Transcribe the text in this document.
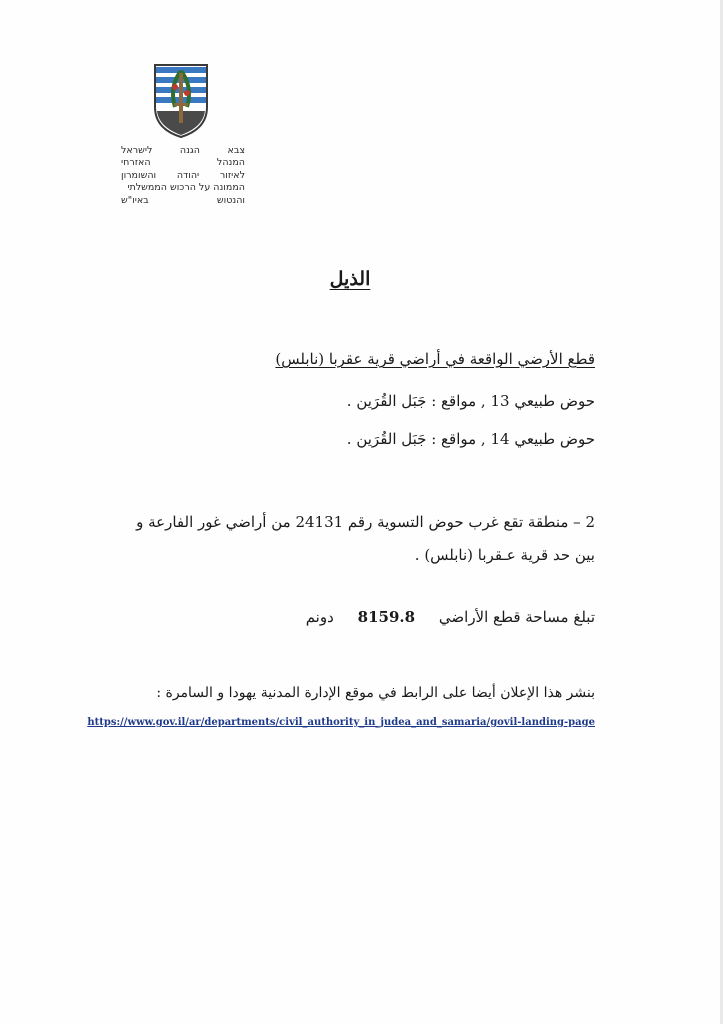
צבא
הגנה
לישראל
המנהל
האזרחי
לאיזור
יהודה
והשומרון
הממונה על הרכוש הממשלתי
והנטוש
באיו"ש
الذيل
قطع الأرضي الواقعة في أراضي قرية عقربا (نابلس)
حوض طبيعي 13 , مواقع : جَبَل القُرَين .
حوض طبيعي 14 , مواقع : جَبَل القُرَين .
2 – منطقة تقع غرب حوض التسوية رقم 24131 من أراضي غور الفارعة و بين حد قرية عـقربا (نابلس) .
تبلغ مساحة قطع الأراضي     8159.8     دونم
بنشر هذا الإعلان أيضا على الرابط في موقع الإدارة المدنية يهودا و السامرة :
https://www.gov.il/ar/departments/civil_authority_in_judea_and_samaria/govil-landing-page
